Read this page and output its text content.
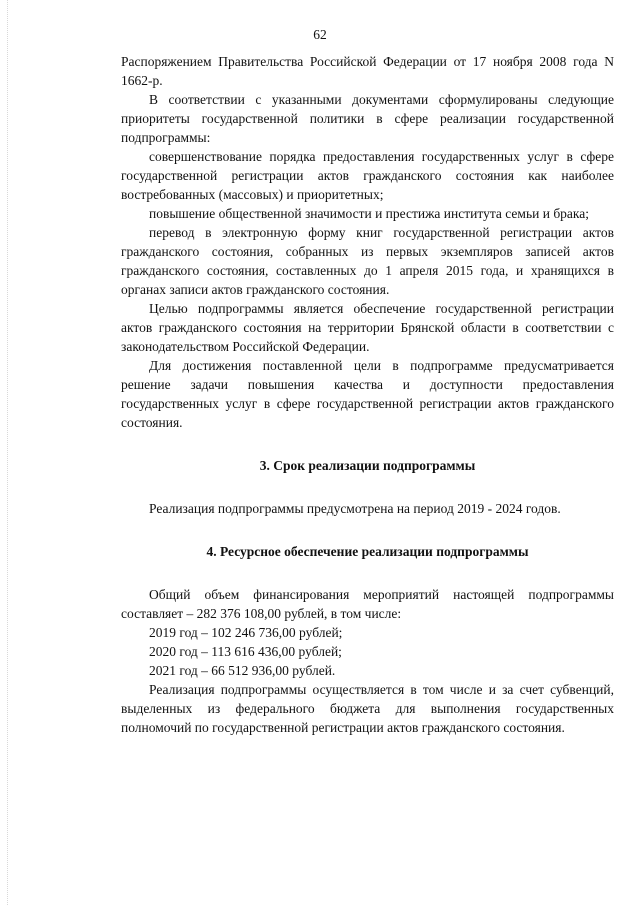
62

Распоряжением Правительства Российской Федерации от 17 ноября 2008 года N 1662-р.

В соответствии с указанными документами сформулированы следующие приоритеты государственной политики в сфере реализации государственной подпрограммы:

совершенствование порядка предоставления государственных услуг в сфере государственной регистрации актов гражданского состояния как наиболее востребованных (массовых) и приоритетных;

повышение общественной значимости и престижа института семьи и брака;

перевод в электронную форму книг государственной регистрации актов гражданского состояния, собранных из первых экземпляров записей актов гражданского состояния, составленных до 1 апреля 2015 года, и хранящихся в органах записи актов гражданского состояния.

Целью подпрограммы является обеспечение государственной регистрации актов гражданского состояния на территории Брянской области в соответствии с законодательством Российской Федерации.

Для достижения поставленной цели в подпрограмме предусматривается решение задачи повышения качества и доступности предоставления государственных услуг в сфере государственной регистрации актов гражданского состояния.

3. Срок реализации подпрограммы

Реализация подпрограммы предусмотрена на период 2019 - 2024 годов.

4. Ресурсное обеспечение реализации подпрограммы

Общий объем финансирования мероприятий настоящей подпрограммы составляет – 282 376 108,00 рублей, в том числе:

2019 год – 102 246 736,00 рублей;

2020 год – 113 616 436,00 рублей;

2021 год – 66 512 936,00 рублей.

Реализация подпрограммы осуществляется в том числе и за счет субвенций, выделенных из федерального бюджета для выполнения государственных полномочий по государственной регистрации актов гражданского состояния.
